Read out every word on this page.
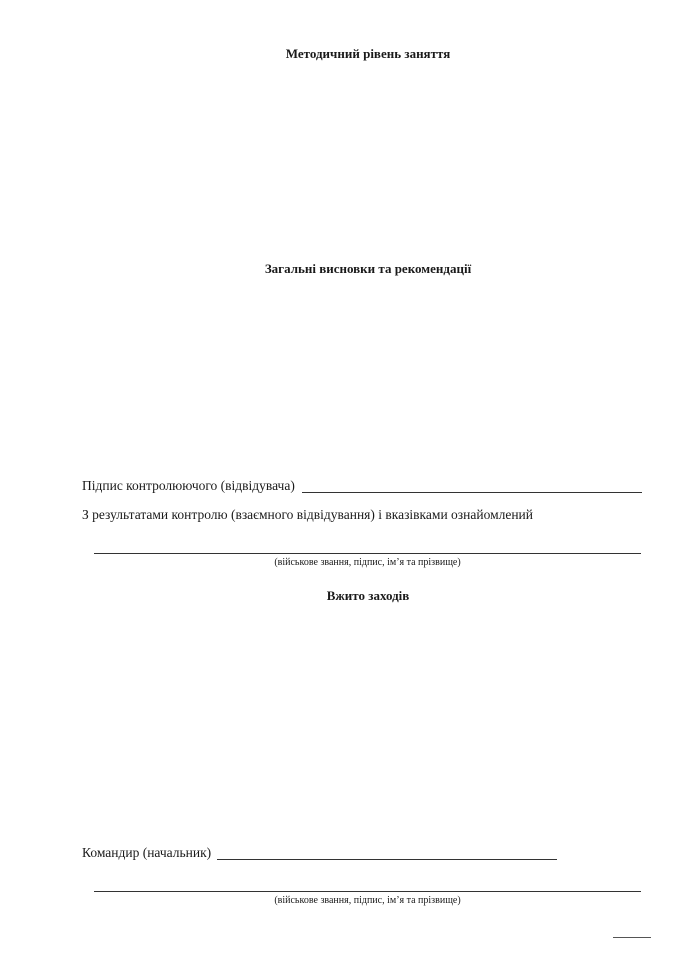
Методичний рівень заняття
Загальні висновки та рекомендації
Підпис контролюючого (відвідувача)
З результатами контролю (взаємного відвідування) і вказівками ознайомлений
(військове звання, підпис, ім’я та прізвище)
Вжито заходів
Командир (начальник)
(військове звання, підпис, ім’я та прізвище)
